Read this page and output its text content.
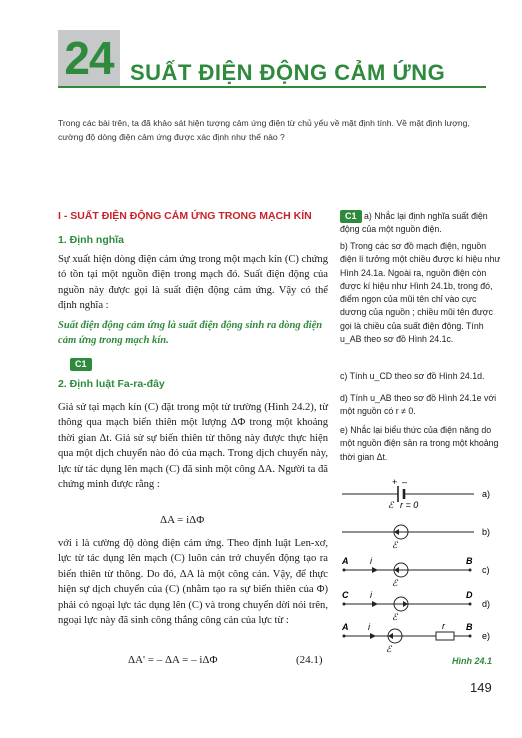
24 SUẤT ĐIỆN ĐỘNG CẢM ỨNG
Trong các bài trên, ta đã khảo sát hiện tượng cảm ứng điện từ chủ yếu về mặt định tính. Về mặt định lượng, cường độ dòng điện cảm ứng được xác định như thế nào ?
I - SUẤT ĐIỆN ĐỘNG CẢM ỨNG TRONG MẠCH KÍN
1. Định nghĩa
Sự xuất hiện dòng điện cảm ứng trong một mạch kín (C) chứng tỏ tồn tại một nguồn điện trong mạch đó. Suất điện động của nguồn này được gọi là suất điện động cảm ứng. Vậy có thể định nghĩa :
Suất điện động cảm ứng là suất điện động sinh ra dòng điện cảm ứng trong mạch kín.
C1
2. Định luật Fa-ra-đây
Giả sử tại mạch kín (C) đặt trong một từ trường (Hình 24.2), từ thông qua mạch biến thiên một lượng ΔΦ trong một khoảng thời gian Δt. Giả sử sự biến thiên từ thông này được thực hiện qua một dịch chuyển nào đó của mạch. Trong dịch chuyển này, lực từ tác dụng lên mạch (C) đã sinh một công ΔA. Người ta đã chứng minh được rằng :
ΔA = iΔΦ
với i là cường độ dòng điện cảm ứng. Theo định luật Len-xơ, lực từ tác dụng lên mạch (C) luôn cản trở chuyển động tạo ra biến thiên từ thông. Do đó, ΔA là một công cản. Vậy, để thực hiện sự dịch chuyển của (C) (nhằm tạo ra sự biến thiên của Φ) phải có ngoại lực tác dụng lên (C) và trong chuyển dời nói trên, ngoại lực này đã sinh công thắng công cản của lực từ :
ΔA' = – ΔA = – iΔΦ	(24.1)
C1 a) Nhắc lại định nghĩa suất điện động của một nguồn điện.
b) Trong các sơ đồ mạch điện, nguồn điện lí tưởng một chiều được kí hiệu như Hình 24.1a. Ngoài ra, nguồn điện còn được kí hiệu như Hình 24.1b, trong đó, điểm ngọn của mũi tên chỉ vào cực dương của nguồn ; chiều mũi tên được gọi là chiều của suất điện động. Tính u_AB theo sơ đồ Hình 24.1c.
c) Tính u_CD theo sơ đồ Hình 24.1d.
d) Tính u_AB theo sơ đồ Hình 24.1e với một nguồn có r ≠ 0.
e) Nhắc lại biểu thức của điện năng do một nguồn điện sản ra trong một khoảng thời gian Δt.
+ –
ℰ r = 0
a)
ℰ
b)
A i	B
ℰ
c)
C i	D
ℰ
d)
A i	r B
ℰ
e)
Hình 24.1
149
